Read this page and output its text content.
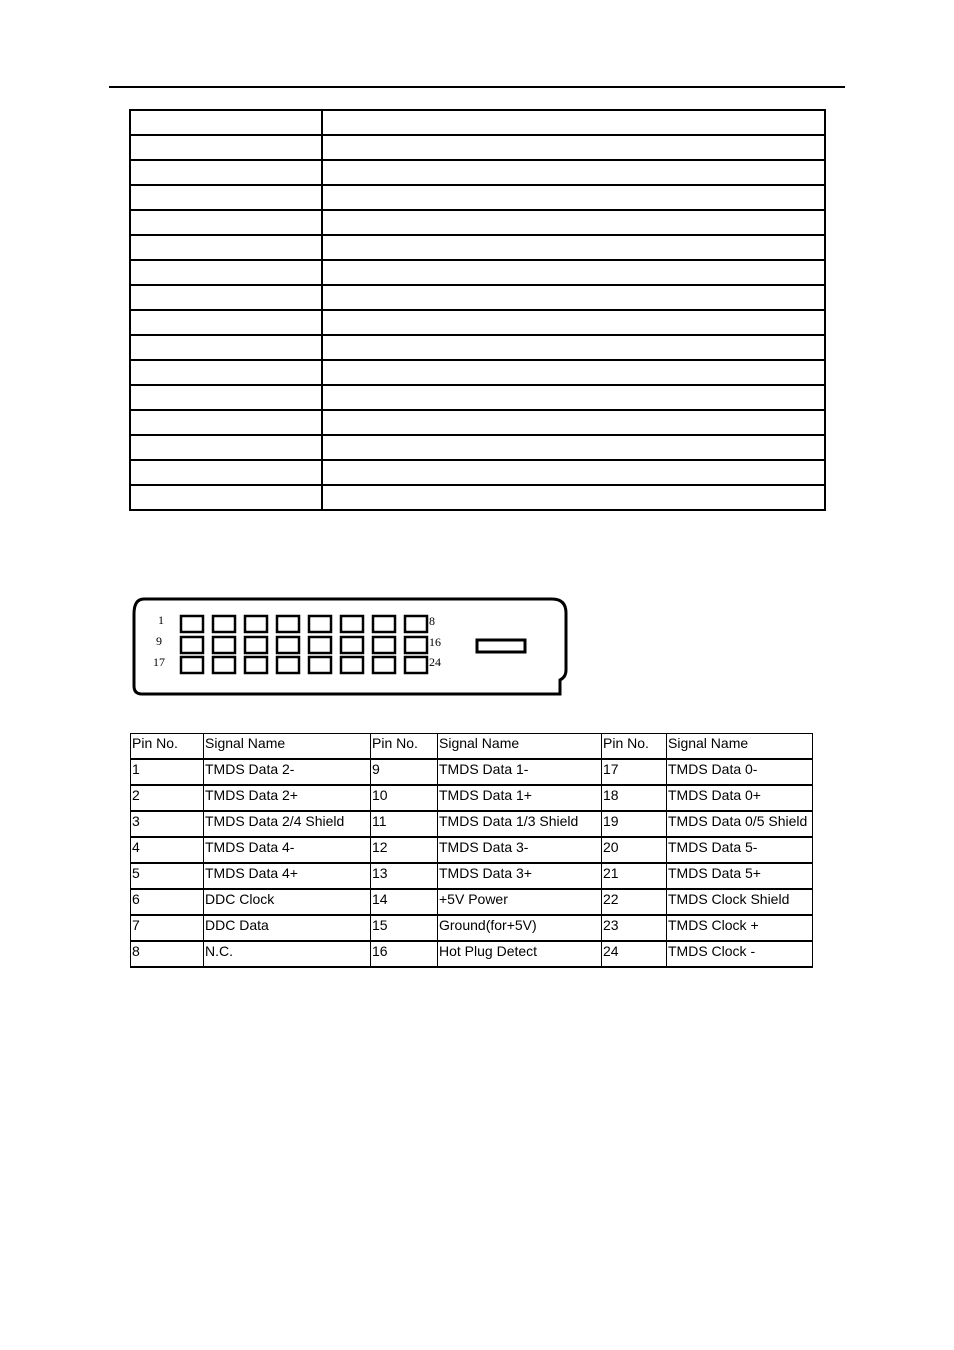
1
9
17
8
16
24
Pin No.	Signal Name	Pin No.	Signal Name	Pin No.	Signal Name
1	TMDS Data 2-	9	TMDS Data 1-	17	TMDS Data 0-
2	TMDS Data 2+	10	TMDS Data 1+	18	TMDS Data 0+
3	TMDS Data 2/4 Shield	11	TMDS Data 1/3 Shield	19	TMDS Data 0/5 Shield
4	TMDS Data 4-	12	TMDS Data 3-	20	TMDS Data 5-
5	TMDS Data 4+	13	TMDS Data 3+	21	TMDS Data 5+
6	DDC Clock	14	+5V Power	22	TMDS Clock Shield
7	DDC Data	15	Ground(for+5V)	23	TMDS Clock +
8	N.C.	16	Hot Plug Detect	24	TMDS Clock -
